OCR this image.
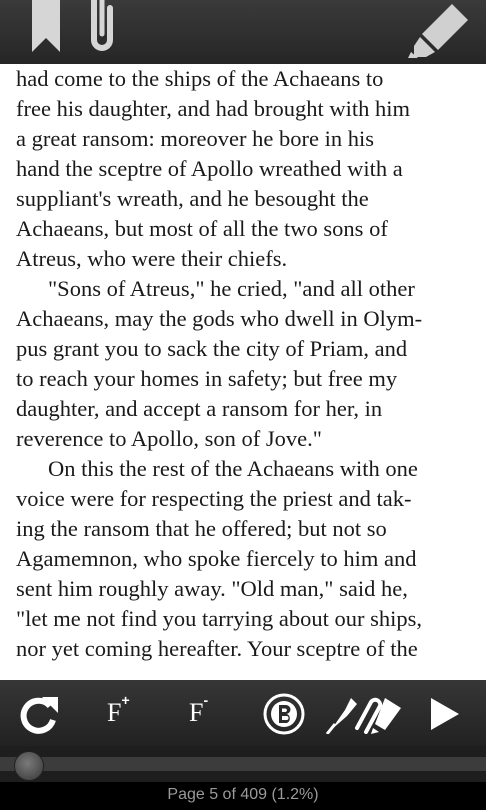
had come to the ships of the Achaeans to
free his daughter, and had brought with him
a great ransom: moreover he bore in his
hand the sceptre of Apollo wreathed with a
suppliant's wreath, and he besought the
Achaeans, but most of all the two sons of
Atreus, who were their chiefs.
"Sons of Atreus," he cried, "and all other
Achaeans, may the gods who dwell in Olym-
pus grant you to sack the city of Priam, and
to reach your homes in safety; but free my
daughter, and accept a ransom for her, in
reverence to Apollo, son of Jove."
On this the rest of the Achaeans with one
voice were for respecting the priest and tak-
ing the ransom that he offered; but not so
Agamemnon, who spoke fiercely to him and
sent him roughly away. "Old man," said he,
"let me not find you tarrying about our ships,
nor yet coming hereafter. Your sceptre of the
F+ F-
Page 5 of 409 (1.2%)
